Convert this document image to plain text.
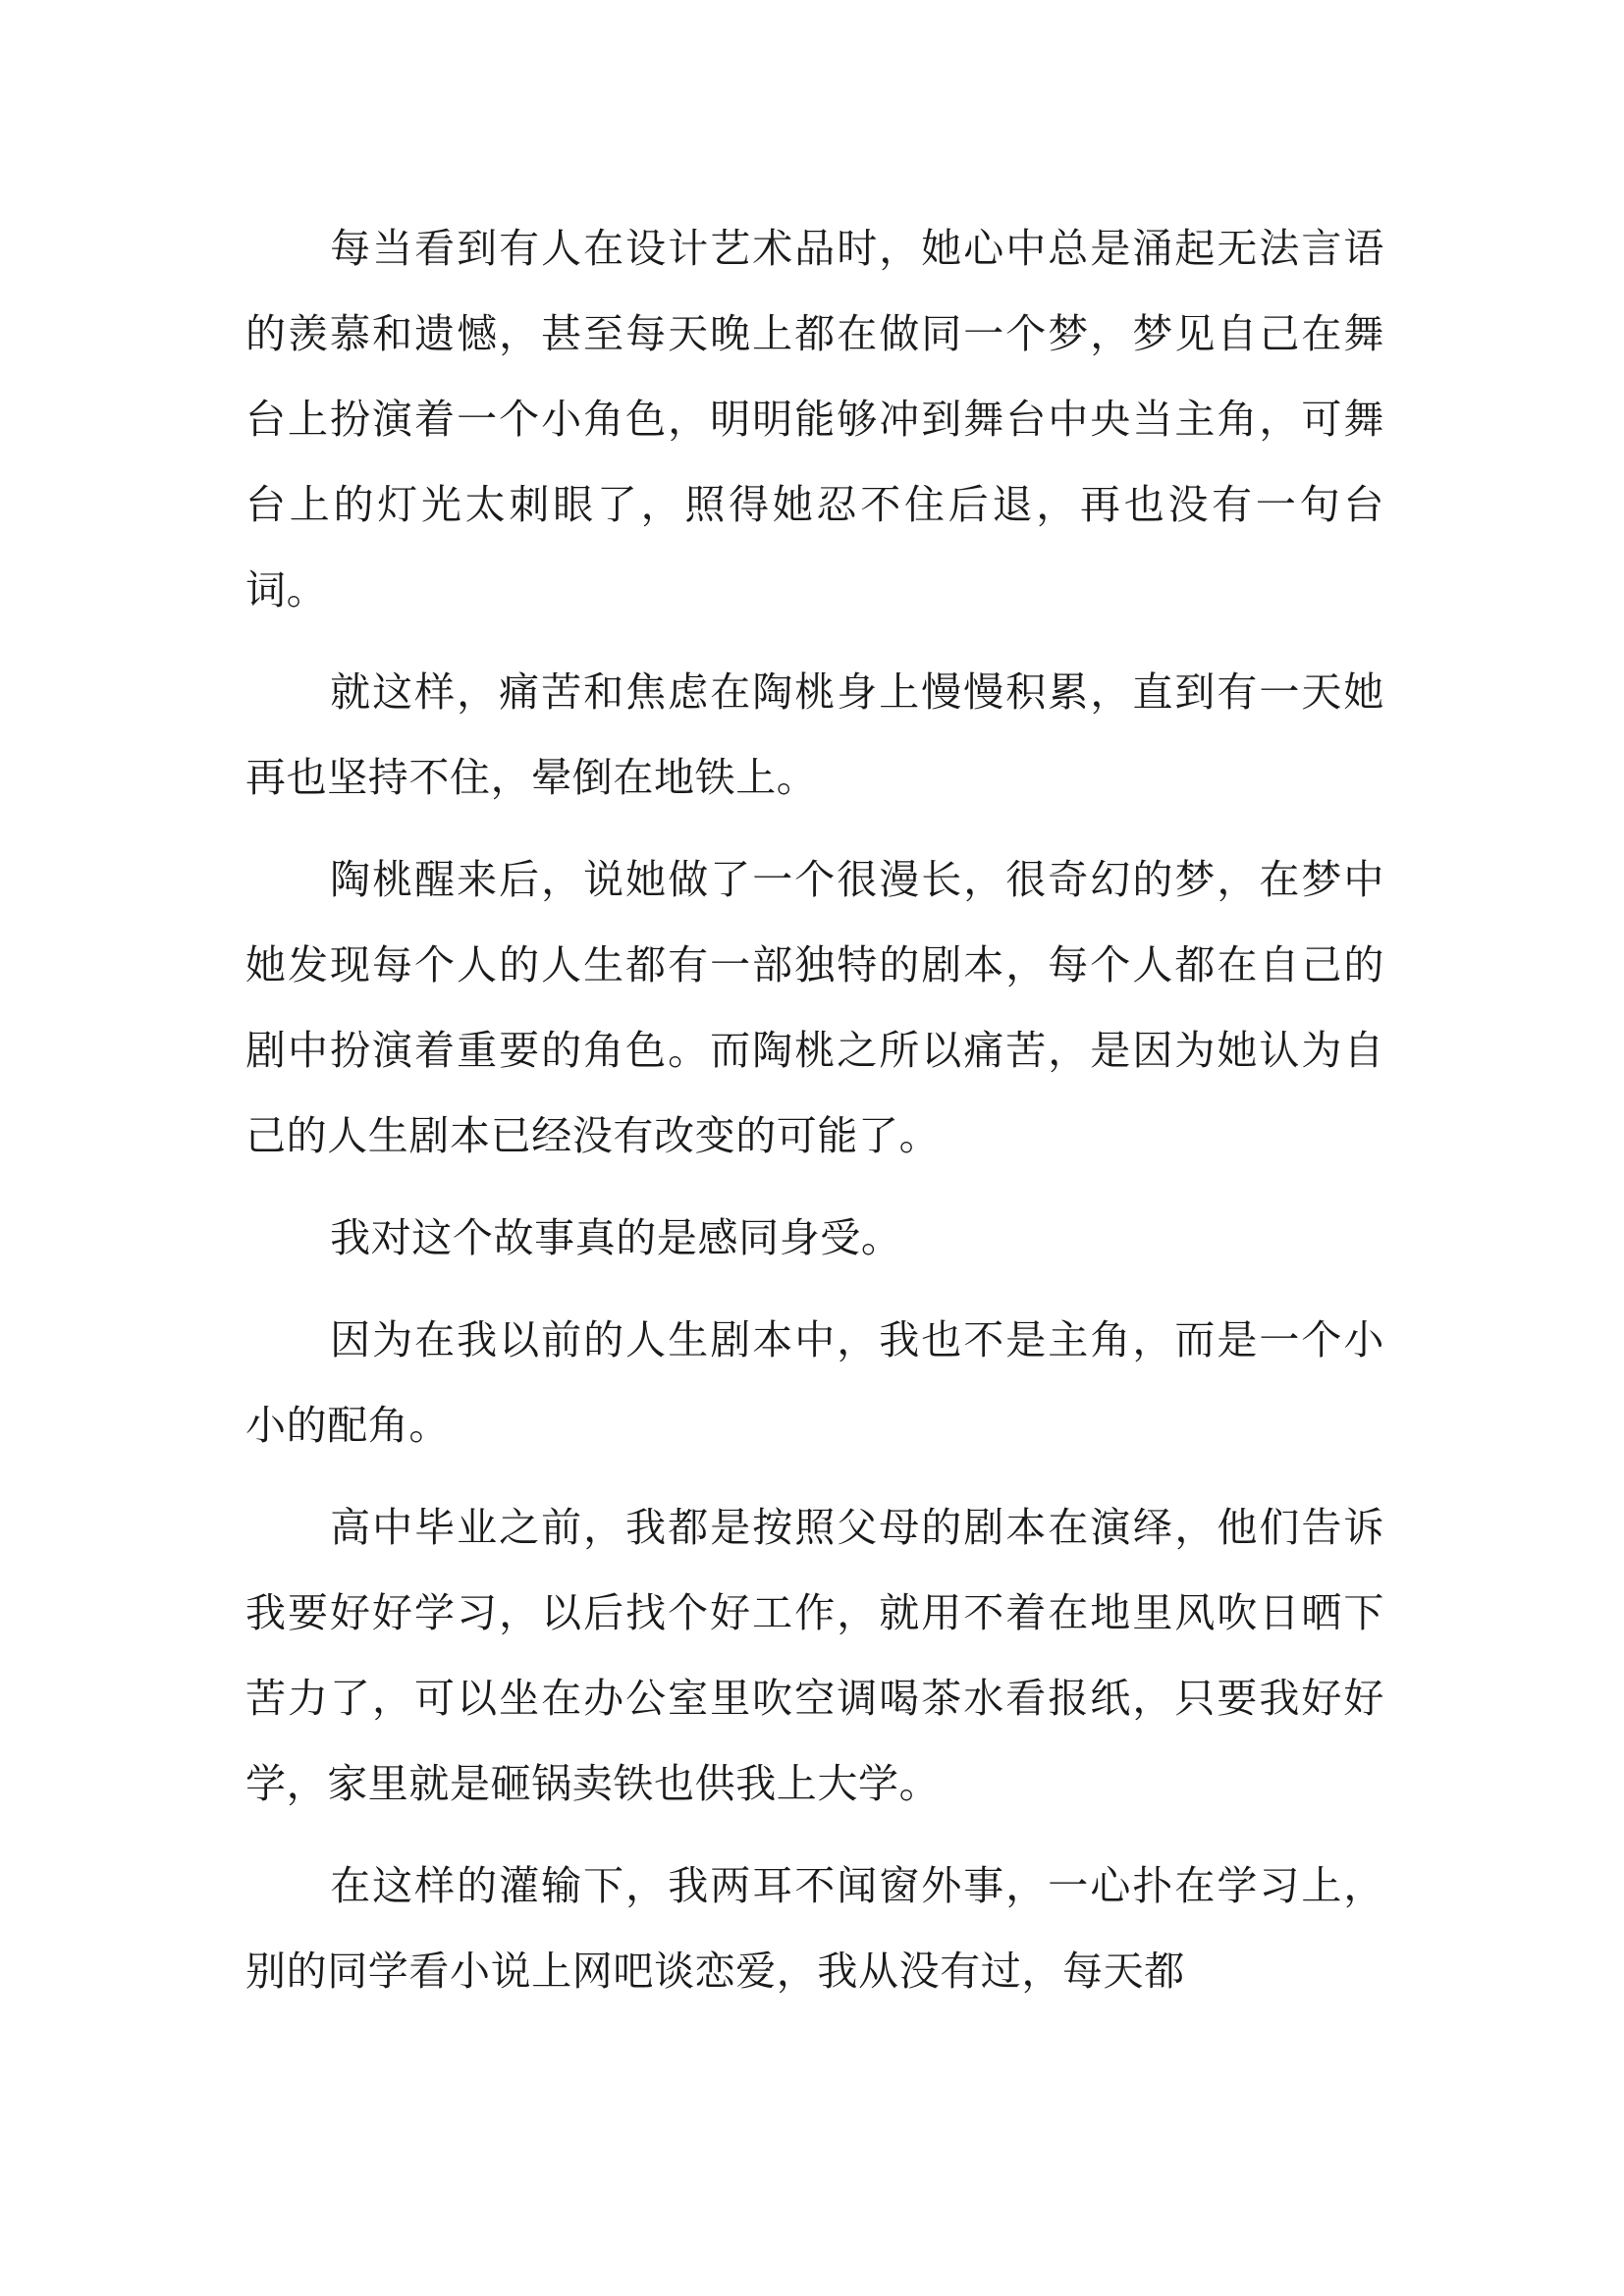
每当看到有人在设计艺术品时，她心中总是涌起无法言语的羡慕和遗憾，甚至每天晚上都在做同一个梦，梦见自己在舞台上扮演着一个小角色，明明能够冲到舞台中央当主角，可舞台上的灯光太刺眼了，照得她忍不住后退，再也没有一句台词。

就这样，痛苦和焦虑在陶桃身上慢慢积累，直到有一天她再也坚持不住，晕倒在地铁上。

陶桃醒来后，说她做了一个很漫长，很奇幻的梦，在梦中她发现每个人的人生都有一部独特的剧本，每个人都在自己的剧中扮演着重要的角色。而陶桃之所以痛苦，是因为她认为自己的人生剧本已经没有改变的可能了。

我对这个故事真的是感同身受。

因为在我以前的人生剧本中，我也不是主角，而是一个小小的配角。

高中毕业之前，我都是按照父母的剧本在演绎，他们告诉我要好好学习，以后找个好工作，就用不着在地里风吹日晒下苦力了，可以坐在办公室里吹空调喝茶水看报纸，只要我好好学，家里就是砸锅卖铁也供我上大学。

在这样的灌输下，我两耳不闻窗外事，一心扑在学习上，别的同学看小说上网吧谈恋爱，我从没有过，每天都
